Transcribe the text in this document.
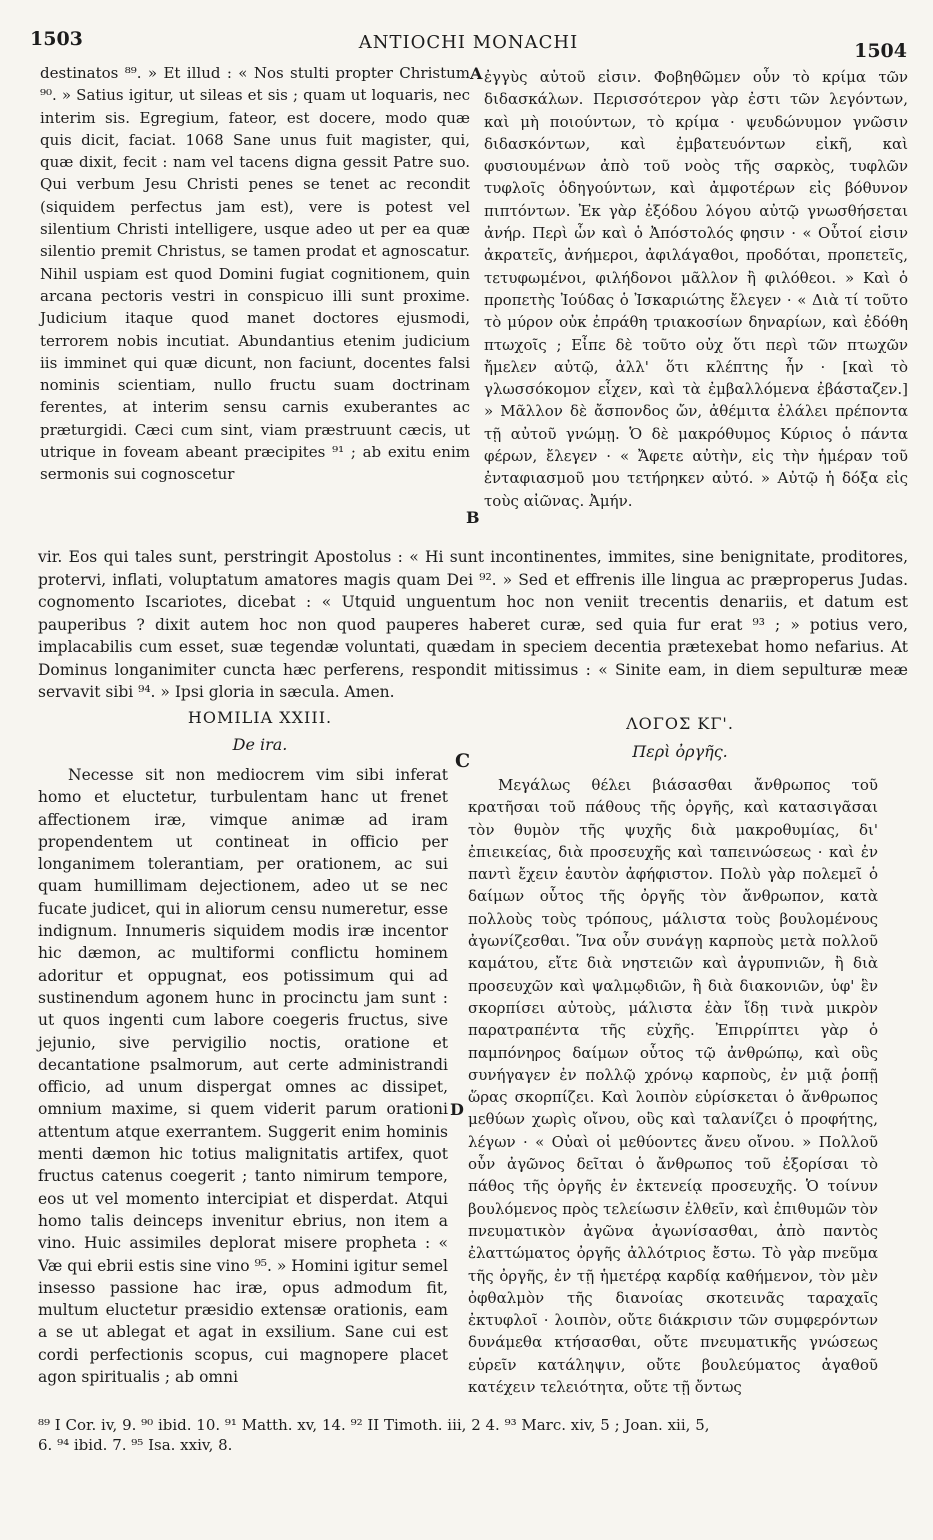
1503	ANTIOCHI MONACHI	1504

destinatos ⁸⁹. » Et illud : « Nos stulti propter Christum ⁹⁰. » Satius igitur, ut sileas et sis ; quam ut loquaris, nec interim sis. Egregium, fateor, est docere, modo quæ quis dicit, faciat. 1068 Sane unus fuit magister, qui, quæ dixit, fecit : nam vel tacens digna gessit Patre suo. Qui verbum Jesu Christi penes se tenet ac recondit (siquidem perfectus jam est), vere is potest vel silentium Christi intelligere, usque adeo ut per ea quæ silentio premit Christus, se tamen prodat et agnoscatur. Nihil uspiam est quod Domini fugiat cognitionem, quin arcana pectoris vestri in conspicuo illi sunt proxime. Judicium itaque quod manet doctores ejusmodi, terrorem nobis incutiat. Abundantius etenim judicium iis imminet qui quæ dicunt, non faciunt, docentes falsi nominis scientiam, nullo fructu suam doctrinam ferentes, at interim sensu carnis exuberantes ac præturgidi. Cæci cum sint, viam præstruunt cæcis, ut utrique in foveam abeant præcipites ⁹¹ ; ab exitu enim sermonis sui cognoscetur

A ἐγγὺς αὐτοῦ εἰσιν. Φοβηθῶμεν οὖν τὸ κρίμα τῶν διδασκάλων. Περισσότερον γὰρ ἐστι τῶν λεγόντων, καὶ μὴ ποιούντων, τὸ κρίμα · ψευδώνυμον γνῶσιν διδασκόντων, καὶ ἐμβατευόντων εἰκῆ, καὶ φυσιουμένων ἀπὸ τοῦ νοὸς τῆς σαρκὸς, τυφλῶν τυφλοῖς ὁδηγούντων, καὶ ἀμφοτέρων εἰς βόθυνον πιπτόντων. Ἐκ γὰρ ἐξόδου λόγου αὐτῷ γνωσθήσεται ἀνήρ. Περὶ ὧν καὶ ὁ Ἀπόστολός φησιν · « Οὗτοί εἰσιν ἀκρατεῖς, ἀνήμεροι, ἀφιλάγαθοι, προδόται, προπετεῖς, τετυφωμένοι, φιλήδονοι μᾶλλον ἢ φιλόθεοι. » Καὶ ὁ προπετὴς Ἰούδας ὁ Ἰσκαριώτης ἔλεγεν · « Διὰ τί τοῦτο τὸ μύρον οὐκ ἐπράθη τριακοσίων δηναρίων, καὶ ἐδόθη πτωχοῖς ; Εἶπε δὲ τοῦτο οὐχ ὅτι περὶ τῶν πτωχῶν ἤμελεν αὐτῷ, ἀλλ' ὅτι κλέπτης ἦν · [καὶ τὸ γλωσσόκομον εἶχεν, καὶ τὰ ἐμβαλλόμενα ἐβάσταζεν.] » Μᾶλλον δὲ ἄσπονδος ὤν, ἀθέμιτα ἐλάλει πρέποντα τῇ αὐτοῦ γνώμῃ. Ὁ δὲ μακρόθυμος Κύριος ὁ πάντα φέρων, ἔλεγεν · « Ἄφετε αὐτὴν, εἰς τὴν ἡμέραν τοῦ ἐνταφιασμοῦ μου τετήρηκεν αὐτό. » Αὐτῷ ἡ δόξα εἰς τοὺς αἰῶνας. Ἀμήν.

B

vir. Eos qui tales sunt, perstringit Apostolus : « Hi sunt incontinentes, immites, sine benignitate, proditores, protervi, inflati, voluptatum amatores magis quam Dei ⁹². » Sed et effrenis ille lingua ac præproperus Judas. cognomento Iscariotes, dicebat : « Utquid unguentum hoc non veniit trecentis denariis, et datum est pauperibus ? dixit autem hoc non quod pauperes haberet curæ, sed quia fur erat ⁹³ ; » potius vero, implacabilis cum esset, suæ tegendæ voluntati, quædam in speciem decentia prætexebat homo nefarius. At Dominus longanimiter cuncta hæc perferens, respondit mitissimus : « Sinite eam, in diem sepulturæ meæ servavit sibi ⁹⁴. » Ipsi gloria in sæcula. Amen.

HOMILIA XXIII.
De ira.
ΛΟΓΟΣ ΚΓ'.
Περὶ ὀργῆς.
C

Necesse sit non mediocrem vim sibi inferat homo et eluctetur, turbulentam hanc ut frenet affectionem iræ, vimque animæ ad iram propendentem ut contineat in officio per longanimem tolerantiam, per orationem, ac sui quam humillimam dejectionem, adeo ut se nec fucate judicet, qui in aliorum censu numeretur, esse indignum. Innumeris siquidem modis iræ incentor hic dæmon, ac multiformi conflictu hominem adoritur et oppugnat, eos potissimum qui ad sustinendum agonem hunc in procinctu jam sunt : ut quos ingenti cum labore coegeris fructus, sive jejunio, sive pervigilio noctis, oratione et decantatione psalmorum, aut certe administrandi officio, ad unum dispergat omnes ac dissipet, omnium maxime, si quem viderit parum orationi attentum atque exerrantem. Suggerit enim hominis menti dæmon hic totius malignitatis artifex, quot fructus catenus coegerit ; tanto nimirum tempore, eos ut vel momento intercipiat et disperdat. Atqui homo talis deinceps invenitur ebrius, non item a vino. Huic assimiles deplorat misere propheta : « Væ qui ebrii estis sine vino ⁹⁵. » Homini igitur semel insesso passione hac iræ, opus admodum fit, multum eluctetur præsidio extensæ orationis, eam a se ut ablegat et agat in exsilium. Sane cui est cordi perfectionis scopus, cui magnopere placet agon spiritualis ; ab omni

D

Μεγάλως θέλει βιάσασθαι ἄνθρωπος τοῦ κρατῆσαι τοῦ πάθους τῆς ὀργῆς, καὶ κατασιγᾶσαι τὸν θυμὸν τῆς ψυχῆς διὰ μακροθυμίας, δι' ἐπιεικείας, διὰ προσευχῆς καὶ ταπεινώσεως · καὶ ἐν παντὶ ἔχειν ἑαυτὸν ἀφήφιστον. Πολὺ γὰρ πολεμεῖ ὁ δαίμων οὗτος τῆς ὀργῆς τὸν ἄνθρωπον, κατὰ πολλοὺς τοὺς τρόπους, μάλιστα τοὺς βουλομένους ἀγωνίζεσθαι. Ἵνα οὖν συνάγῃ καρποὺς μετὰ πολλοῦ καμάτου, εἴτε διὰ νηστειῶν καὶ ἀγρυπνιῶν, ἢ διὰ προσευχῶν καὶ ψαλμῳδιῶν, ἢ διὰ διακονιῶν, ὑφ' ἓν σκορπίσει αὐτοὺς, μάλιστα ἐὰν ἴδῃ τινὰ μικρὸν παρατραπέντα τῆς εὐχῆς. Ἐπιρρίπτει γὰρ ὁ παμπόνηρος δαίμων οὗτος τῷ ἀνθρώπῳ, καὶ οὓς συνήγαγεν ἐν πολλῷ χρόνῳ καρποὺς, ἐν μιᾷ ῥοπῇ ὥρας σκορπίζει. Καὶ λοιπὸν εὑρίσκεται ὁ ἄνθρωπος μεθύων χωρὶς οἴνου, οὓς καὶ ταλανίζει ὁ προφήτης, λέγων · « Οὐαὶ οἱ μεθύοντες ἄνευ οἴνου. » Πολλοῦ οὖν ἀγῶνος δεῖται ὁ ἄνθρωπος τοῦ ἐξορίσαι τὸ πάθος τῆς ὀργῆς ἐν ἐκτενείᾳ προσευχῆς. Ὁ τοίνυν βουλόμενος πρὸς τελείωσιν ἐλθεῖν, καὶ ἐπιθυμῶν τὸν πνευματικὸν ἀγῶνα ἀγωνίσασθαι, ἀπὸ παντὸς ἐλαττώματος ὀργῆς ἀλλότριος ἔστω. Τὸ γὰρ πνεῦμα τῆς ὀργῆς, ἐν τῇ ἡμετέρᾳ καρδίᾳ καθήμενον, τὸν μὲν ὀφθαλμὸν τῆς διανοίας σκοτεινᾶς ταραχαῖς ἐκτυφλοῖ · λοιπὸν, οὔτε διάκρισιν τῶν συμφερόντων δυνάμεθα κτήσασθαι, οὔτε πνευματικῆς γνώσεως εὑρεῖν κατάληψιν, οὔτε βουλεύματος ἀγαθοῦ κατέχειν τελειότητα, οὔτε τῇ ὄντως

⁸⁹ I Cor. iv, 9. ⁹⁰ ibid. 10. ⁹¹ Matth. xv, 14. ⁹² II Timoth. iii, 2 4. ⁹³ Marc. xiv, 5 ; Joan. xii, 5,
6. ⁹⁴ ibid. 7. ⁹⁵ Isa. xxiv, 8.
